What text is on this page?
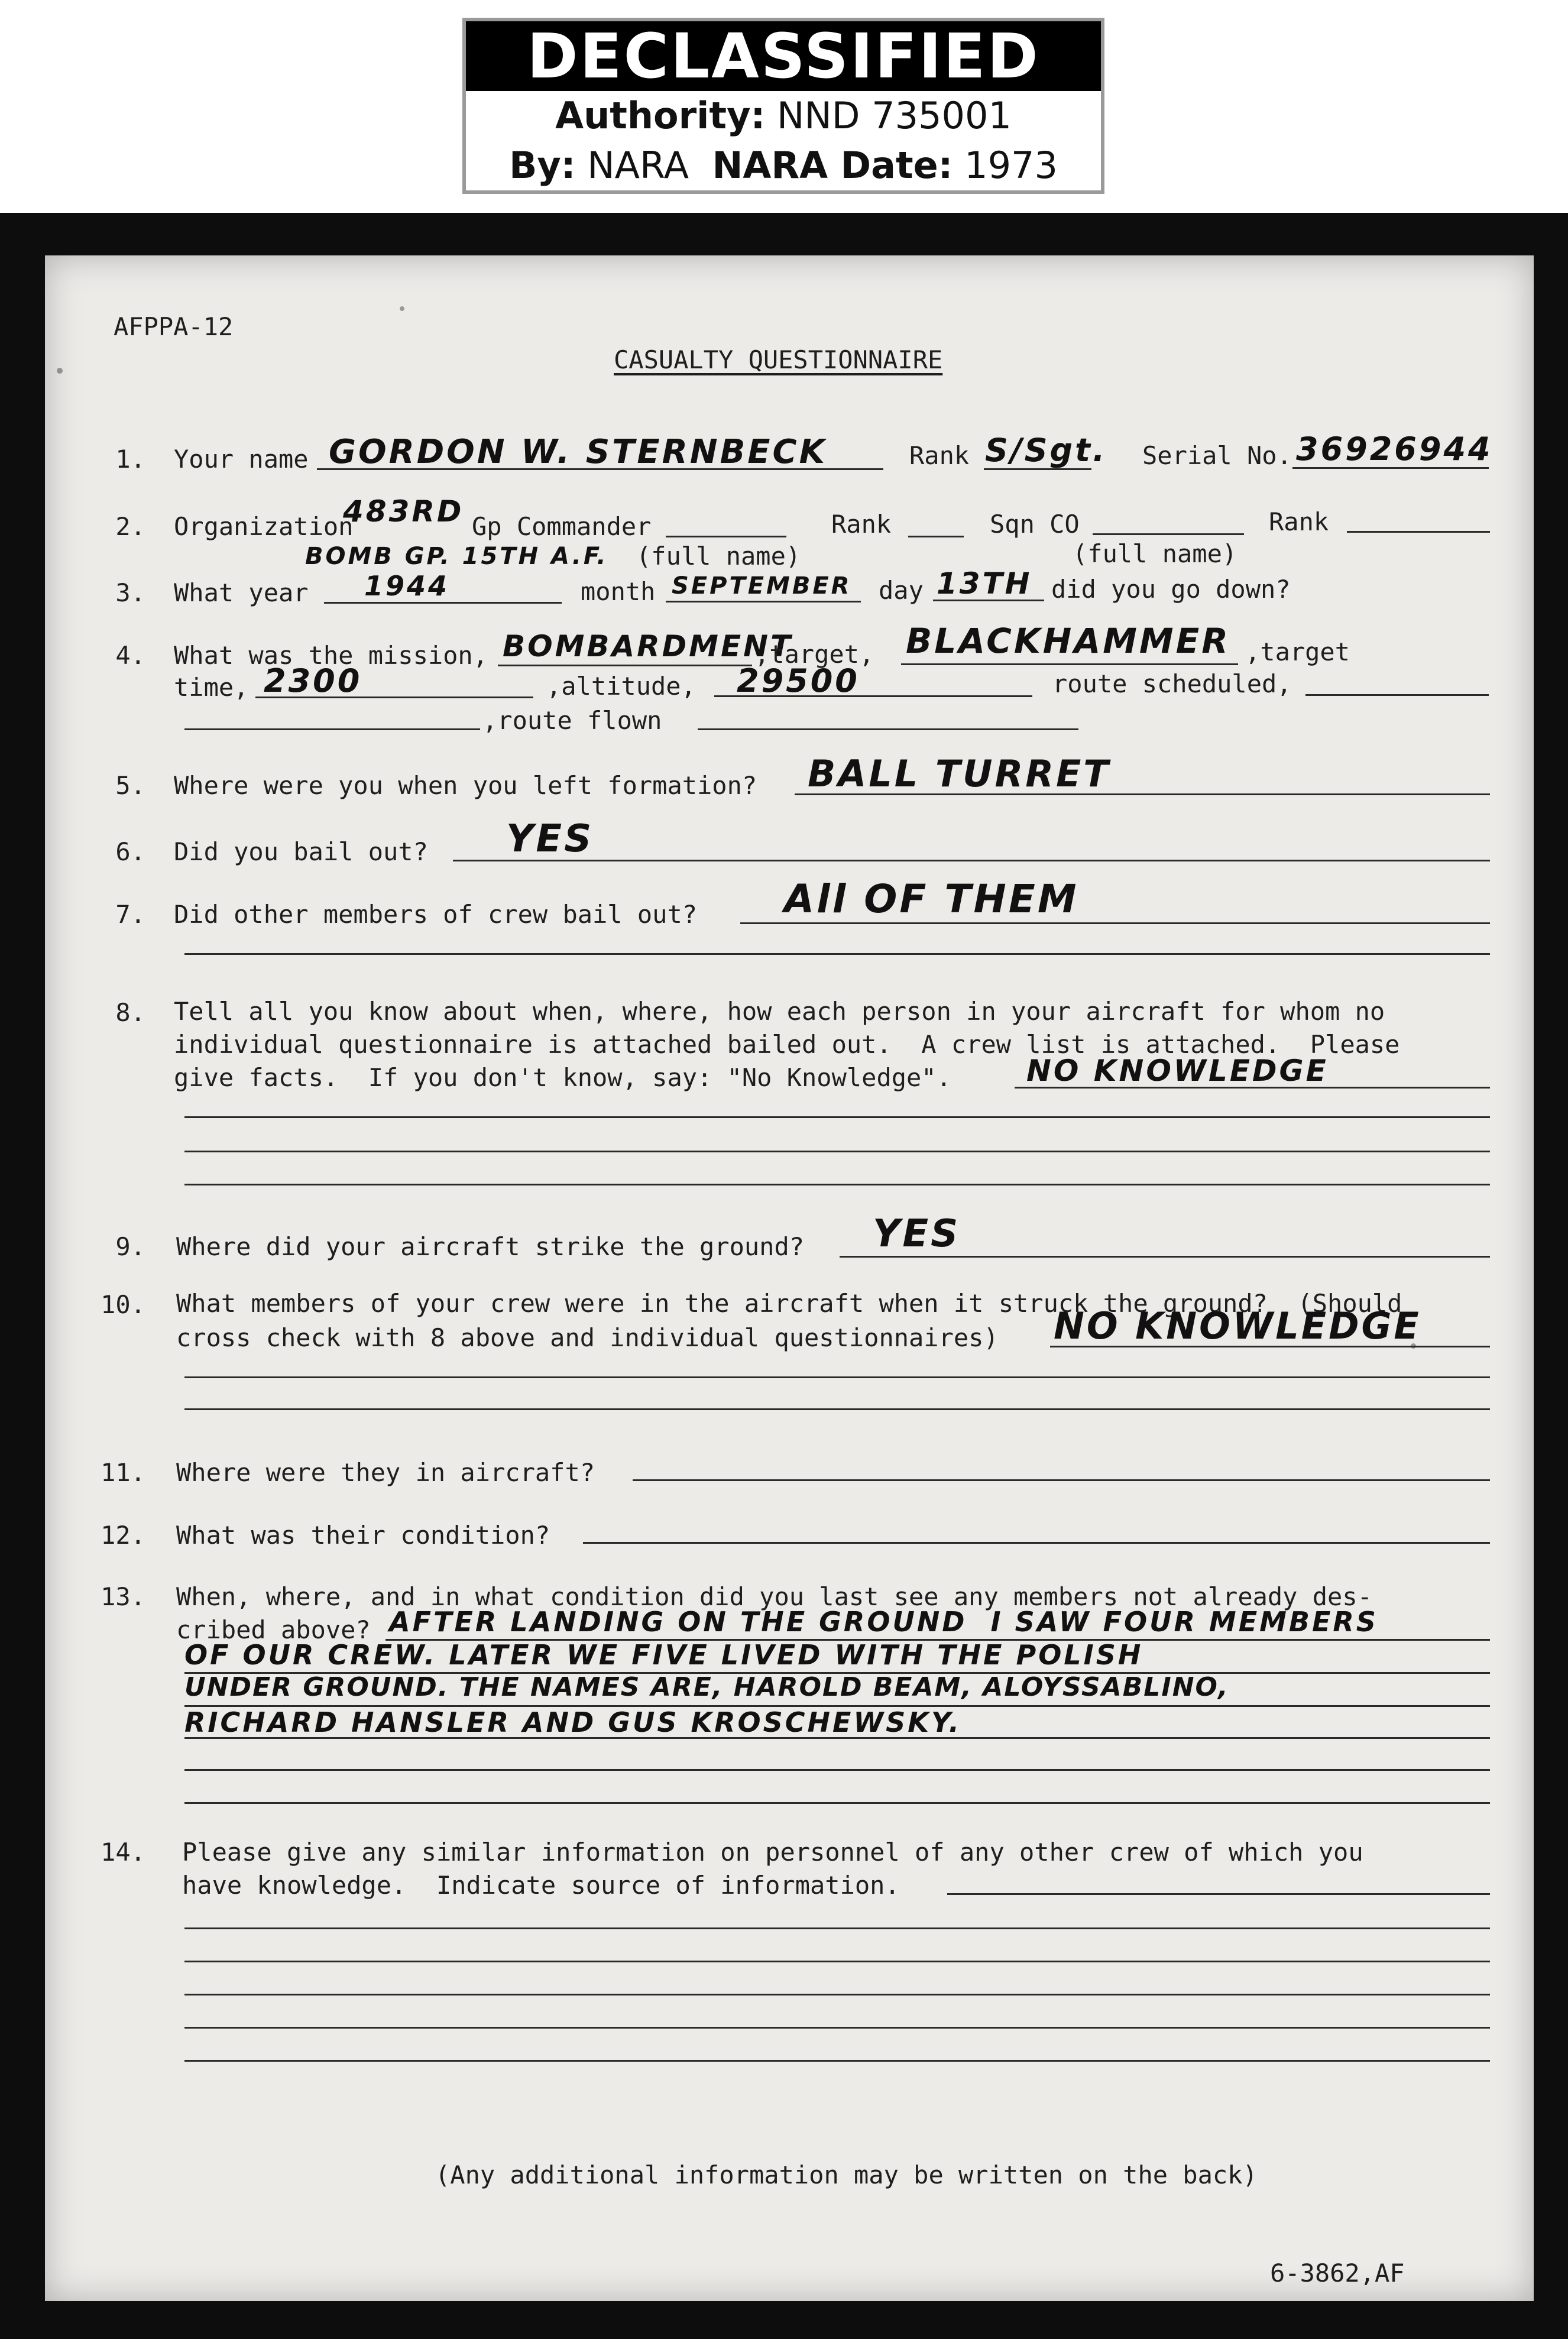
DECLASSIFIED
Authority: NND 735001
By: NARA NARA Date: 1973
AFPPA-12
CASUALTY QUESTIONNAIRE
1. Your name GORDON W. STERNBECK	Rank S/Sgt. Serial No. 36926944
2. Organization
483RD Gp Commander	Rank	Sqn CO	Rank
BOMB GP. 15TH A.F. (full name)	(full name)
3. What year 1944	month SEPTEMBER day 13TH did you go down?
4. What was the mission, BOMBARDMENT
,target, BLACKHAMMER ,target
time, 2300	,altitude, 29500	route scheduled,
,route flown
5. Where were you when you left formation? BALL TURRET
6. Did you bail out? YES
7. Did other members of crew bail out? All OF THEM
8. Tell all you know about when, where, how each person in your aircraft for whom no
individual questionnaire is attached bailed out.  A crew list is attached.  Please
give facts.  If you don't know, say: "No Knowledge".	NO KNOWLEDGE
9. Where did your aircraft strike the ground? YES
10. What members of your crew were in the aircraft when it struck the ground?  (Should
cross check with 8 above and individual questionnaires) NO KNOWLEDGE
11. Where were they in aircraft?
12. What was their condition?
13. When, where, and in what condition did you last see any members not already des-
cribed above? AFTER LANDING ON THE GROUND  I SAW FOUR MEMBERS
OF OUR CREW. LATER WE FIVE LIVED WITH THE POLISH
UNDER GROUND. THE NAMES ARE, HAROLD BEAM, ALOYSSABLINO,
RICHARD HANSLER AND GUS KROSCHEWSKY.
14. Please give any similar information on personnel of any other crew of which you
have knowledge.  Indicate source of information.
(Any additional information may be written on the back)
6-3862,AF
